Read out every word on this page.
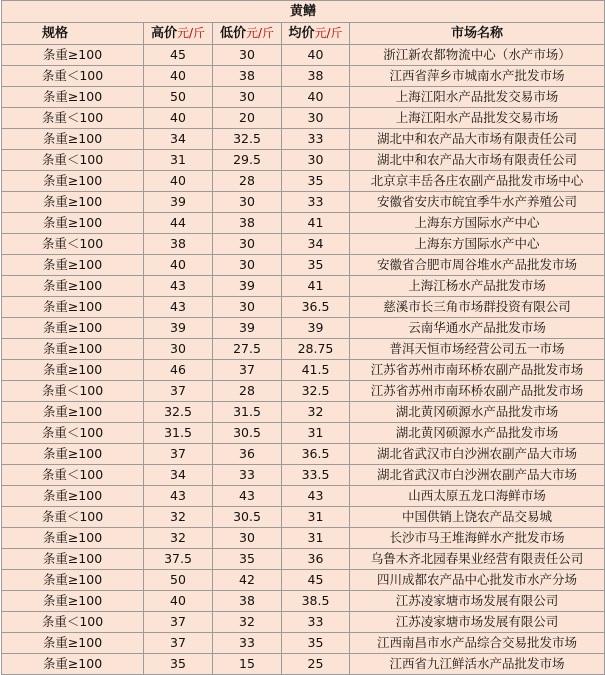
黄鳝				
规格	高价元/斤	低价元/斤	均价元/斤	市场名称
条重≥100	45	30	40	浙江新农都物流中心（水产市场）
条重＜100	40	38	38	江西省萍乡市城南水产批发市场
条重≥100	50	30	40	上海江阳水产品批发交易市场
条重＜100	40	20	30	上海江阳水产品批发交易市场
条重≥100	34	32.5	33	湖北中和农产品大市场有限责任公司
条重＜100	31	29.5	30	湖北中和农产品大市场有限责任公司
条重≥100	40	28	35	北京京丰岳各庄农副产品批发市场中心
条重≥100	39	30	33	安徽省安庆市皖宜季牛水产养殖公司
条重≥100	44	38	41	上海东方国际水产中心
条重＜100	38	30	34	上海东方国际水产中心
条重≥100	40	30	35	安徽省合肥市周谷堆水产品批发市场
条重≥100	43	39	41	上海江杨水产品批发市场
条重≥100	43	30	36.5	慈溪市长三角市场群投资有限公司
条重≥100	39	39	39	云南华通水产品批发市场
条重≥100	30	27.5	28.75	普洱天恒市场经营公司五一市场
条重≥100	46	37	41.5	江苏省苏州市南环桥农副产品批发市场
条重＜100	37	28	32.5	江苏省苏州市南环桥农副产品批发市场
条重≥100	32.5	31.5	32	湖北黄冈硕源水产品批发市场
条重＜100	31.5	30.5	31	湖北黄冈硕源水产品批发市场
条重≥100	37	36	36.5	湖北省武汉市白沙洲农副产品大市场
条重＜100	34	33	33.5	湖北省武汉市白沙洲农副产品大市场
条重≥100	43	43	43	山西太原五龙口海鲜市场
条重＜100	32	30.5	31	中国供销上饶农产品交易城
条重≥100	32	30	31	长沙市马王堆海鲜水产批发市场
条重≥100	37.5	35	36	乌鲁木齐北园春果业经营有限责任公司
条重≥100	50	42	45	四川成都农产品中心批发市水产分场
条重≥100	40	38	38.5	江苏凌家塘市场发展有限公司
条重＜100	37	32	33	江苏凌家塘市场发展有限公司
条重≥100	37	33	35	江西南昌市水产品综合交易批发市场
条重≥100	35	15	25	江西省九江鲜活水产品批发市场
